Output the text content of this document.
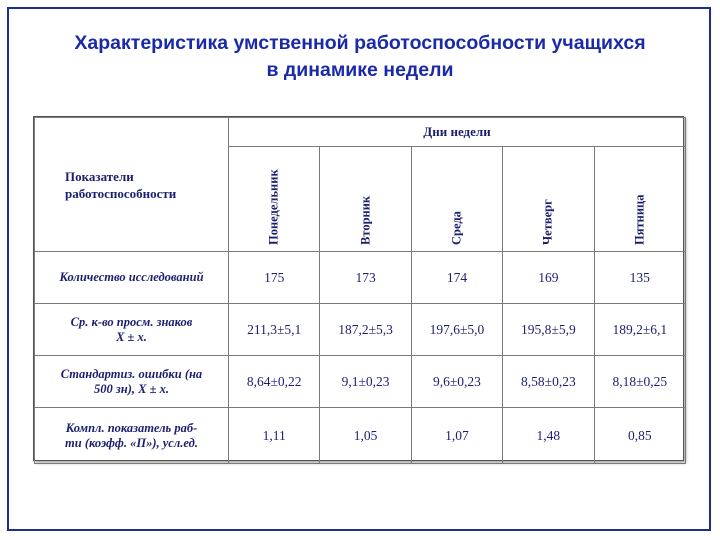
Характеристика умственной работоспособности учащихся
в динамике недели
Показатели
работоспособности	Дни недели				

	Понедельник	Вторник	Среда	Четверг	Пятница

Количество исследований	175	173	174	169	135

Ср. к-во просм. знаков
X ± x.	211,3±5,1	187,2±5,3	197,6±5,0	195,8±5,9	189,2±6,1

Стандартиз. ошибки (на
500 зн), X ± x.	8,64±0,22	9,1±0,23	9,6±0,23	8,58±0,23	8,18±0,25

Компл. показатель раб-
ти (коэфф. «П»), усл.ед.	1,11	1,05	1,07	1,48	0,85
